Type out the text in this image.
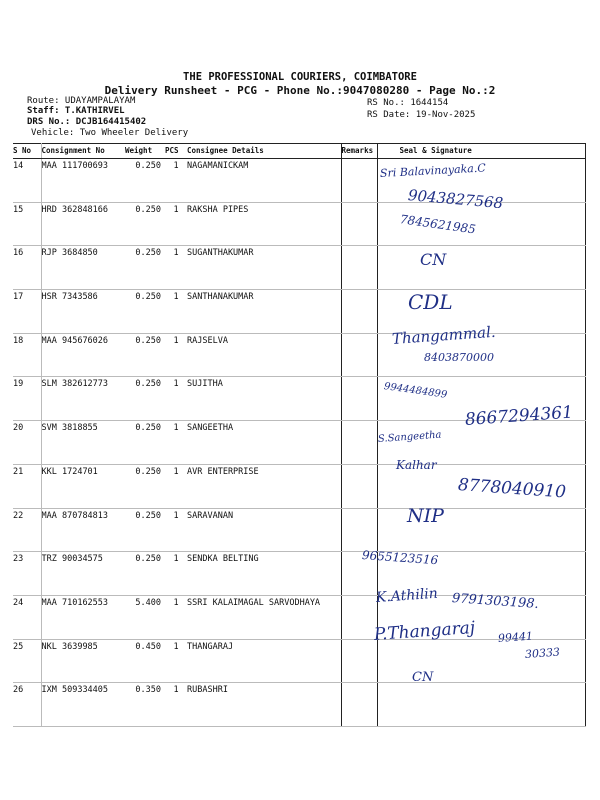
THE PROFESSIONAL COURIERS, COIMBATORE
Delivery Runsheet - PCG - Phone No.:9047080280 - Page No.:2
Route: UDAYAMPALAYAM
Staff: T.KATHIRVEL
DRS No.: DCJB164415402
Vehicle: Two Wheeler Delivery
RS No.: 1644154
RS Date: 19-Nov-2025
S No	Consignment No	Weight	PCS	Consignee Details	Remarks	Seal & Signature
14	MAA 111700693	0.250	1	NAGAMANICKAM		
15	HRD 362848166	0.250	1	RAKSHA PIPES		
16	RJP 3684850	0.250	1	SUGANTHAKUMAR		
17	HSR 7343586	0.250	1	SANTHANAKUMAR		
18	MAA 945676026	0.250	1	RAJSELVA		
19	SLM 382612773	0.250	1	SUJITHA		
20	SVM 3818855	0.250	1	SANGEETHA		
21	KKL 1724701	0.250	1	AVR ENTERPRISE		
22	MAA 870784813	0.250	1	SARAVANAN		
23	TRZ 90034575	0.250	1	SENDKA BELTING		
24	MAA 710162553	5.400	1	SSRI KALAIMAGAL SARVODHAYA		
25	NKL 3639985	0.450	1	THANGARAJ		
26	IXM 509334405	0.350	1	RUBASHRI		
Sri Balavinayaka.C
9043827568
7845621985
CN
CDL
Thangammal.
8403870000
9944484899
8667294361
S.Sangeetha
Kalhar
8778040910
NIP
9655123516
K.Athilin 9791303198.
P.Thangaraj 99441
30333
CN
